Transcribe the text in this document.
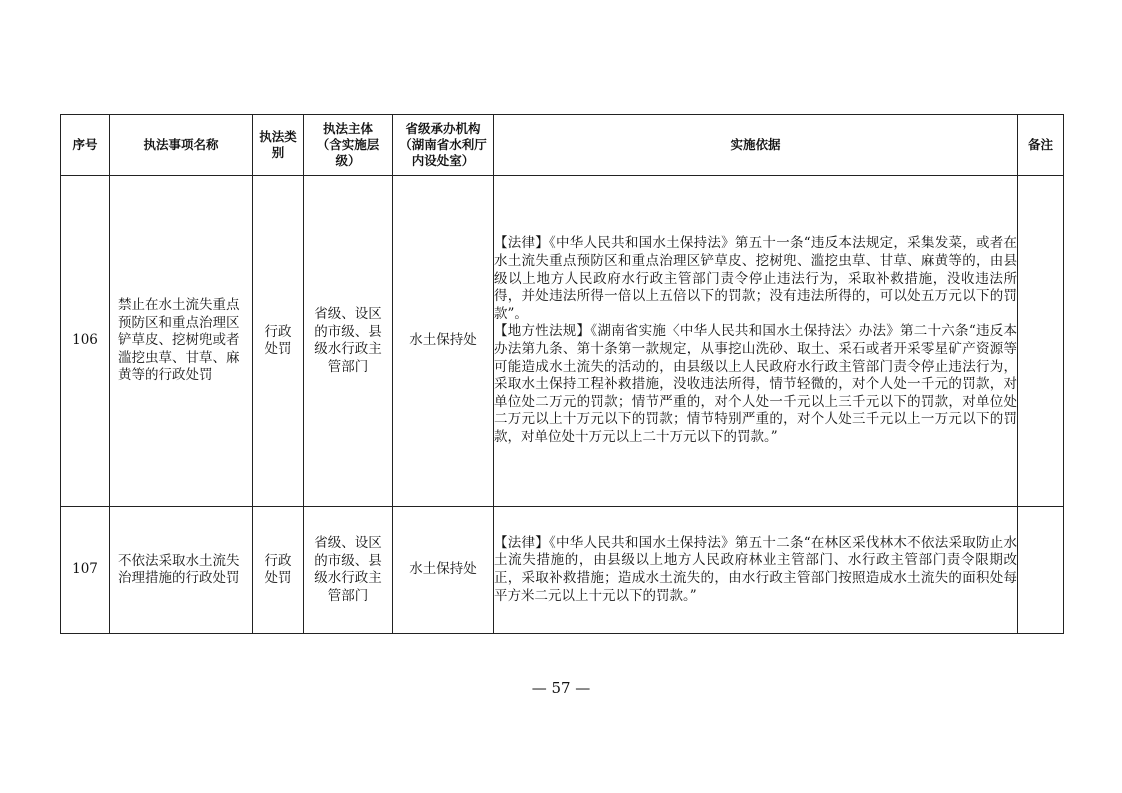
序号	执法事项名称	执法类别	执法主体（含实施层级）	省级承办机构（湖南省水利厅内设处室）	实施依据	备注
106	禁止在水土流失重点预防区和重点治理区铲草皮、挖树兜或者滥挖虫草、甘草、麻黄等的行政处罚	行政处罚	省级、设区的市级、县级水行政主管部门	水土保持处	【法律】《中华人民共和国水土保持法》第五十一条“违反本法规定，采集发菜，或者在水土流失重点预防区和重点治理区铲草皮、挖树兜、滥挖虫草、甘草、麻黄等的，由县级以上地方人民政府水行政主管部门责令停止违法行为，采取补救措施，没收违法所得，并处违法所得一倍以上五倍以下的罚款；没有违法所得的，可以处五万元以下的罚款”。
【地方性法规】《湖南省实施〈中华人民共和国水土保持法〉办法》第二十六条“违反本办法第九条、第十条第一款规定，从事挖山洗砂、取土、采石或者开采零星矿产资源等可能造成水土流失的活动的，由县级以上人民政府水行政主管部门责令停止违法行为，采取水土保持工程补救措施，没收违法所得，情节轻微的，对个人处一千元的罚款，对单位处二万元的罚款；情节严重的，对个人处一千元以上三千元以下的罚款，对单位处二万元以上十万元以下的罚款；情节特别严重的，对个人处三千元以上一万元以下的罚款，对单位处十万元以上二十万元以下的罚款。”	

107	不依法采取水土流失治理措施的行政处罚	行政处罚	省级、设区的市级、县级水行政主管部门	水土保持处	【法律】《中华人民共和国水土保持法》第五十二条“在林区采伐林木不依法采取防止水土流失措施的，由县级以上地方人民政府林业主管部门、水行政主管部门责令限期改正，采取补救措施；造成水土流失的，由水行政主管部门按照造成水土流失的面积处每平方米二元以上十元以下的罚款。”	

— 57 —
